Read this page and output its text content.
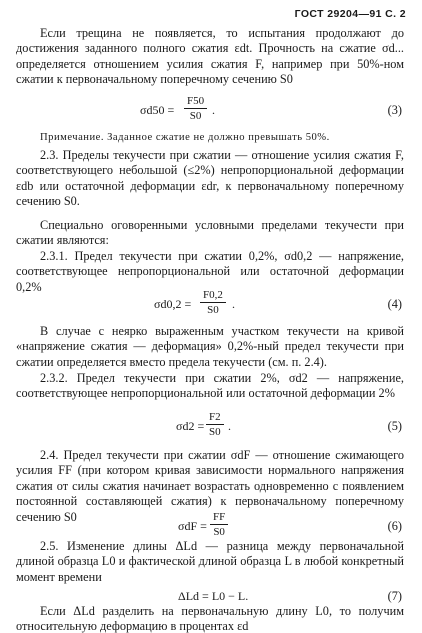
ГОСТ 29204—91 С. 2

Если трещина не появляется, то испытания продолжают до достижения заданного полного сжатия εdt. Прочность на сжатие σd... определяется отношением усилия сжатия F, например при 50%-ном сжатии к первоначальному поперечному сечению S0

$\sigma d50 = \frac{F50}{S0}$ .	(3)

Примечание. Заданное сжатие не должно превышать 50%.

2.3. Пределы текучести при сжатии — отношение усилия сжатия F, соответствующего небольшой (≤2%) непропорциональной деформации εdb или остаточной деформации εdr, к первоначальному поперечному сечению S0.

Специально оговоренными условными пределами текучести при сжатии являются:

2.3.1. Предел текучести при сжатии 0,2%, σd0,2 — напряжение, соответствующее непропорциональной или остаточной деформации 0,2%

$\sigma d0,2 = \frac{F0,2}{S0}$ .	(4)

В случае с неярко выраженным участком текучести на кривой «напряжение сжатия — деформация» 0,2%-ный предел текучести при сжатии определяется вместо предела текучести (см. п. 2.4).

2.3.2. Предел текучести при сжатии 2%, σd2 — напряжение, соответствующее непропорциональной или остаточной деформации 2%

$\sigma d2 = \frac{F2}{S0}$ .	(5)

2.4. Предел текучести при сжатии σdF — отношение сжимающего усилия FF (при котором кривая зависимости нормального напряжения сжатия от силы сжатия начинает возрастать одновременно с появлением постоянной составляющей сжатия) к первоначальному поперечному сечению S0

$\sigma dF = \frac{FF}{S0}$	(6)

2.5. Изменение длины ΔLd — разница между первоначальной длиной образца L0 и фактической длиной образца L в любой конкретный момент времени

ΔLd = L0 − L.	(7)

Если ΔLd разделить на первоначальную длину L0, то получим относительную деформацию в процентах εd
